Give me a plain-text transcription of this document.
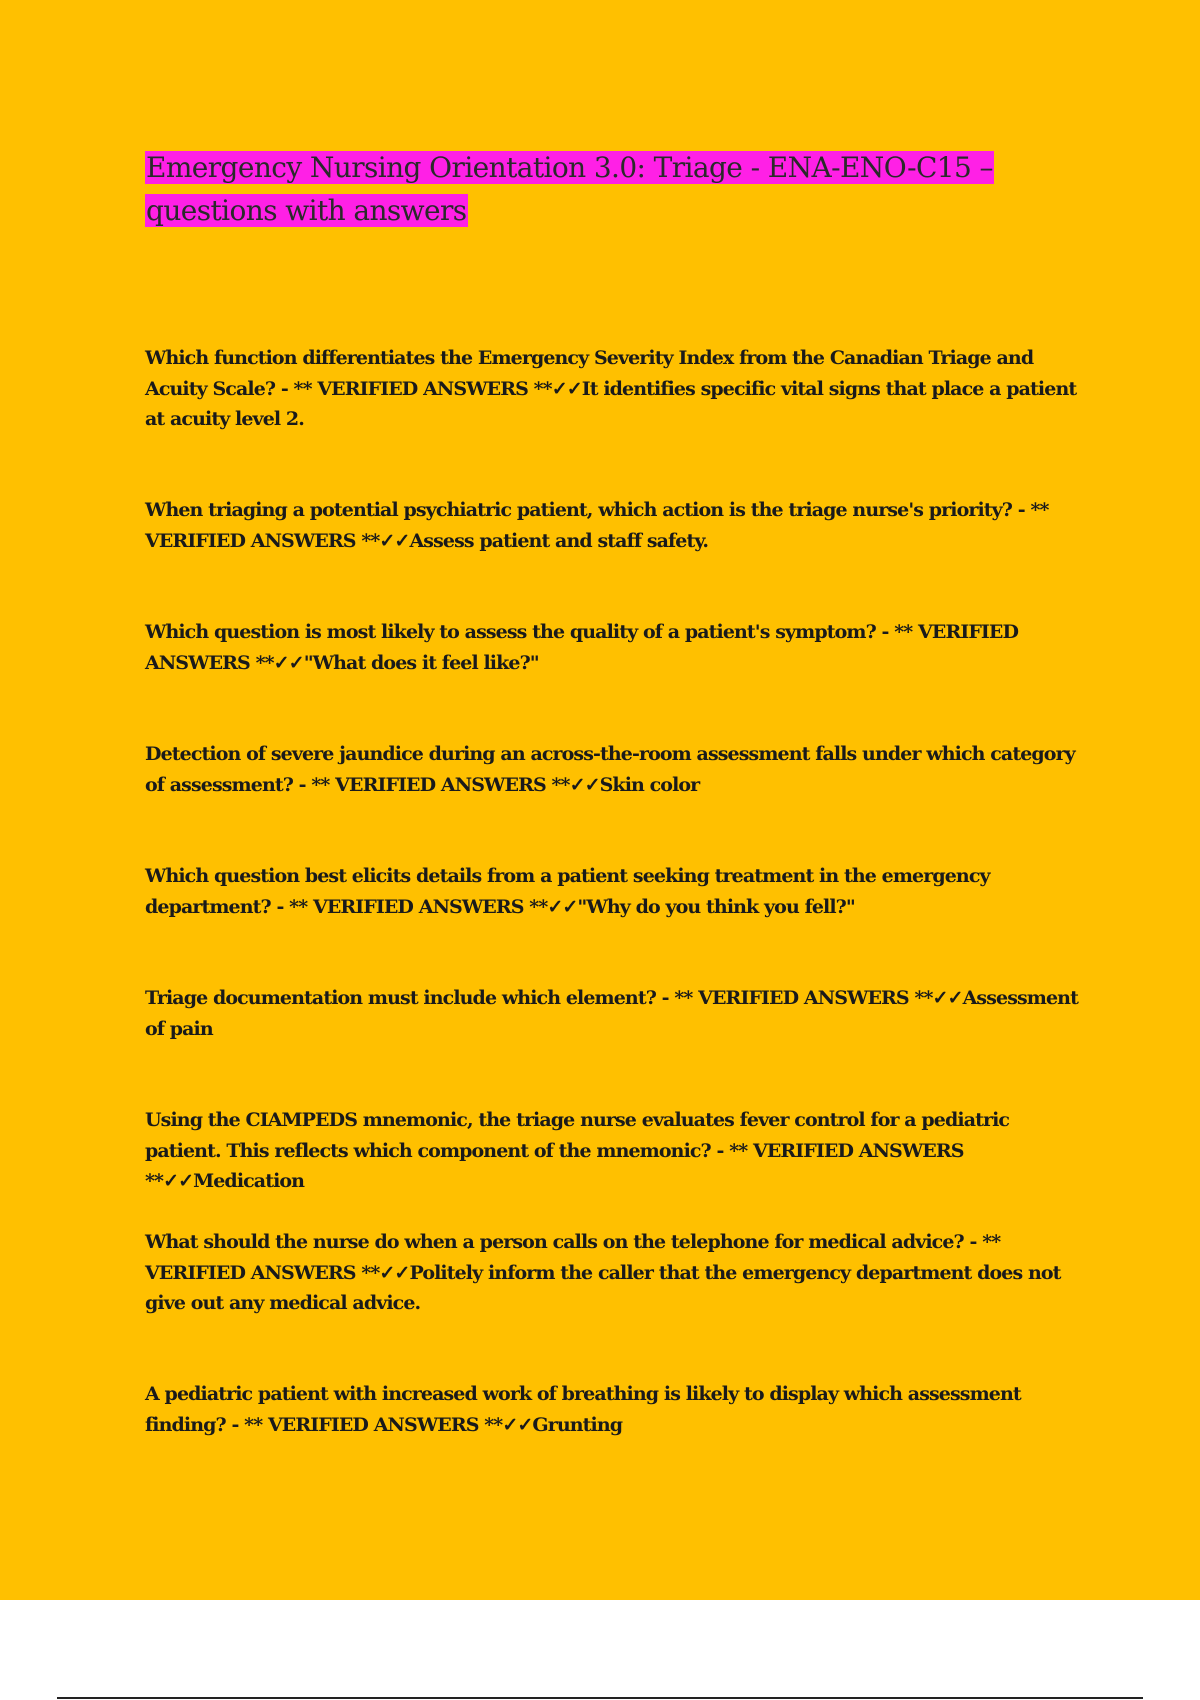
Emergency Nursing Orientation 3.0: Triage - ENA-ENO-C15 –
questions with answers
Which function differentiates the Emergency Severity Index from the Canadian Triage and Acuity Scale? - ** VERIFIED ANSWERS **✓✓It identifies specific vital signs that place a patient at acuity level 2.
When triaging a potential psychiatric patient, which action is the triage nurse's priority? - ** VERIFIED ANSWERS **✓✓Assess patient and staff safety.
Which question is most likely to assess the quality of a patient's symptom? - ** VERIFIED ANSWERS **✓✓"What does it feel like?"
Detection of severe jaundice during an across-the-room assessment falls under which category of assessment? - ** VERIFIED ANSWERS **✓✓Skin color
Which question best elicits details from a patient seeking treatment in the emergency department? - ** VERIFIED ANSWERS **✓✓"Why do you think you fell?"
Triage documentation must include which element? - ** VERIFIED ANSWERS **✓✓Assessment of pain
Using the CIAMPEDS mnemonic, the triage nurse evaluates fever control for a pediatric patient. This reflects which component of the mnemonic? - ** VERIFIED ANSWERS **✓✓Medication
What should the nurse do when a person calls on the telephone for medical advice? - ** VERIFIED ANSWERS **✓✓Politely inform the caller that the emergency department does not give out any medical advice.
A pediatric patient with increased work of breathing is likely to display which assessment finding? - ** VERIFIED ANSWERS **✓✓Grunting
